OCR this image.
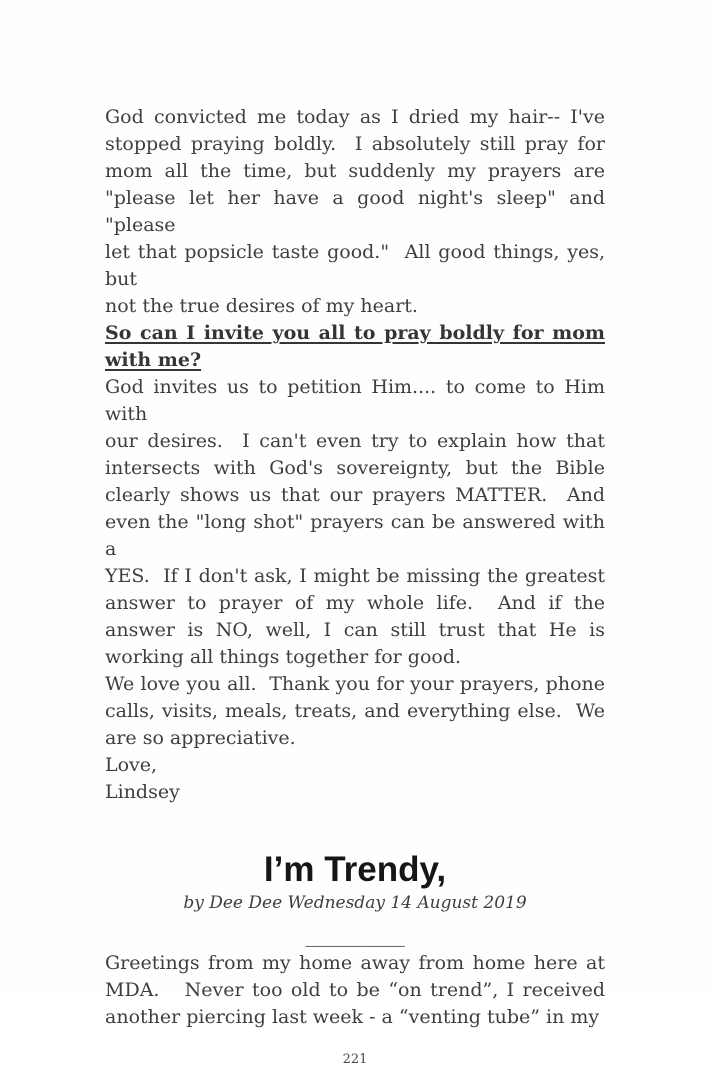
God convicted me today as I dried my hair-- I've
stopped praying boldly.  I absolutely still pray for
mom all the time, but suddenly my prayers are
"please let her have a good night's sleep" and "please
let that popsicle taste good."  All good things, yes, but
not the true desires of my heart.
So can I invite you all to pray boldly for mom
with me?
God invites us to petition Him.... to come to Him with
our desires.  I can't even try to explain how that
intersects with God's sovereignty, but the Bible
clearly shows us that our prayers MATTER.  And
even the "long shot" prayers can be answered with a
YES.  If I don't ask, I might be missing the greatest
answer to prayer of my whole life.  And if the
answer is NO, well, I can still trust that He is
working all things together for good.
We love you all.  Thank you for your prayers, phone
calls, visits, meals, treats, and everything else.  We
are so appreciative.
Love,
Lindsey
I’m Trendy,
by Dee Dee Wednesday 14 August 2019
___________
Greetings from my home away from home here at
MDA.   Never too old to be “on trend”, I received
another piercing last week - a “venting tube” in my
221
